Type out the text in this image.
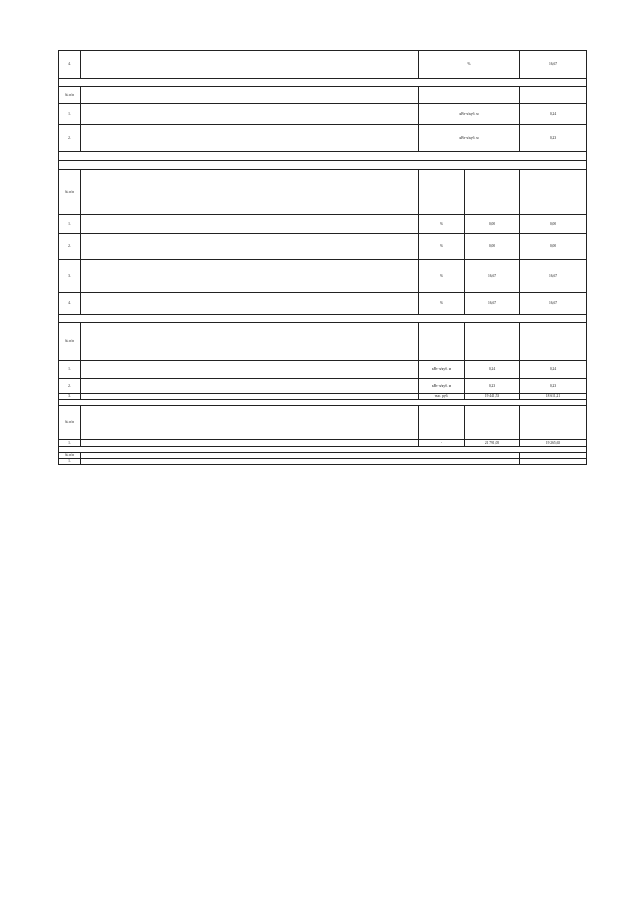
4.		%		16,67

№ п/п				
1.		кВт·ч/куб. м		0,24
2.		кВт·ч/куб. м		0,23

№ п/п				
1.		%	0,00	0,00
2.		%	0,00	0,00
3.		%	16,67	16,67
4.		%	16,67	16,67

№ п/п				
1.		кВт·ч/куб. м	0,24	0,24
2.		кВт·ч/куб. м	0,23	0,23
3.		тыс. руб.	19 441,53	18 611,21

№ п/п				
1.		-	21 791,05	19 265,65

№ п/п				
1.				
